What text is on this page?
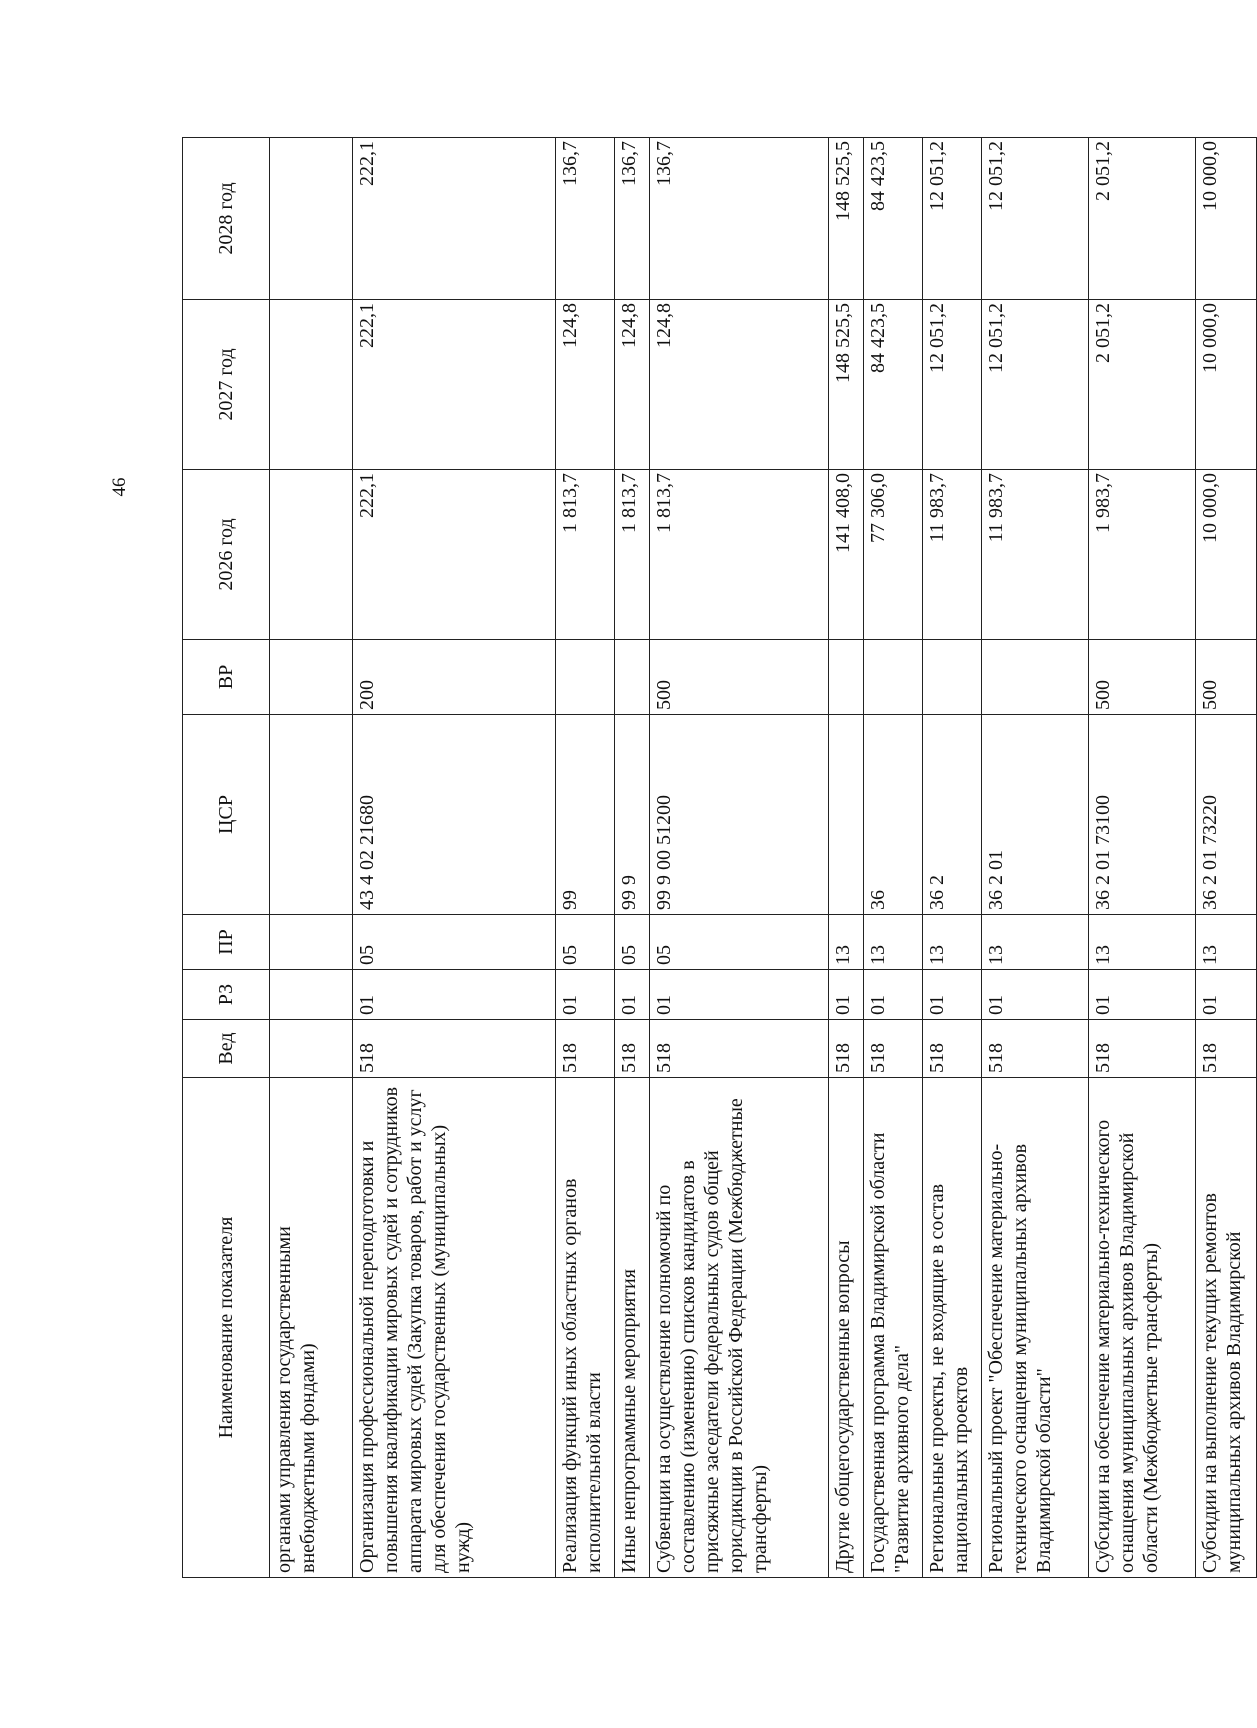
46
Наименование показателя	Вед	РЗ	ПР	ЦСР	ВР	2026 год	2027 год	2028 год
органами управления государственными внебюджетными фондами)								
Организация профессиональной переподготовки и повышения квалификации мировых судей и сотрудников аппарата мировых судей (Закупка товаров, работ и услуг для обеспечения государственных (муниципальных) нужд)	518	01	05	43 4 02 21680	200	222,1	222,1	222,1
Реализация функций иных областных органов исполнительной власти	518	01	05	99		1 813,7	124,8	136,7
Иные непрограммные мероприятия	518	01	05	99 9		1 813,7	124,8	136,7
Субвенции на осуществление полномочий по составлению (изменению) списков кандидатов в присяжные заседатели федеральных судов общей юрисдикции в Российской Федерации (Межбюджетные трансферты)	518	01	05	99 9 00 51200	500	1 813,7	124,8	136,7
Другие общегосударственные вопросы	518	01	13			141 408,0	148 525,5	148 525,5
Государственная программа Владимирской области "Развитие архивного дела"	518	01	13	36		77 306,0	84 423,5	84 423,5
Региональные проекты, не входящие в состав национальных проектов	518	01	13	36 2		11 983,7	12 051,2	12 051,2
Региональный проект "Обеспечение материально-технического оснащения муниципальных архивов Владимирской области"	518	01	13	36 2 01		11 983,7	12 051,2	12 051,2
Субсидии на обеспечение материально-технического оснащения муниципальных архивов Владимирской области (Межбюджетные трансферты)	518	01	13	36 2 01 73100	500	1 983,7	2 051,2	2 051,2
Субсидии на выполнение текущих ремонтов муниципальных архивов Владимирской	518	01	13	36 2 01 73220	500	10 000,0	10 000,0	10 000,0
